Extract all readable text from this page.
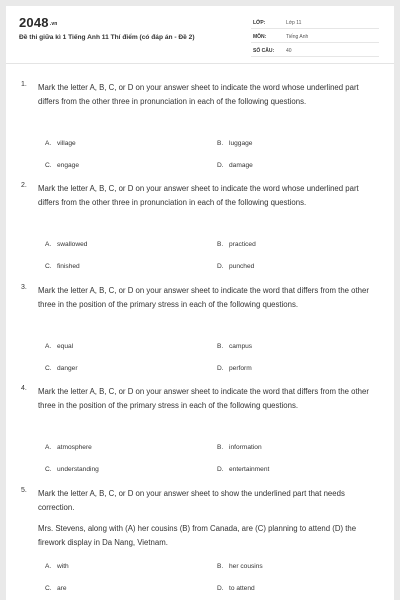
2048.vn
Đề thi giữa kì 1 Tiếng Anh 11 Thí điểm (có đáp án - Đề 2)
LỚP:	Lớp 11
MÔN:	Tiếng Anh
SỐ CÂU: 40
1. Mark the letter A, B, C, or D on your answer sheet to indicate the word whose underlined part differs from the other three in pronunciation in each of the following questions.
A. village	B. luggage
C. engage	D. damage
2. Mark the letter A, B, C, or D on your answer sheet to indicate the word whose underlined part differs from the other three in pronunciation in each of the following questions.
A. swallowed	B. practiced
C. finished	D. punched
3. Mark the letter A, B, C, or D on your answer sheet to indicate the word that differs from the other three in the position of the primary stress in each of the following questions.
A. equal	B. campus
C. danger	D. perform
4. Mark the letter A, B, C, or D on your answer sheet to indicate the word that differs from the other three in the position of the primary stress in each of the following questions.
A. atmosphere	B. information
C. understanding	D. entertainment
5. Mark the letter A, B, C, or D on your answer sheet to show the underlined part that needs correction.
Mrs. Stevens, along with (A) her cousins (B) from Canada, are (C) planning to attend (D) the firework display in Da Nang, Vietnam.
A. with	B. her cousins
C. are	D. to attend
